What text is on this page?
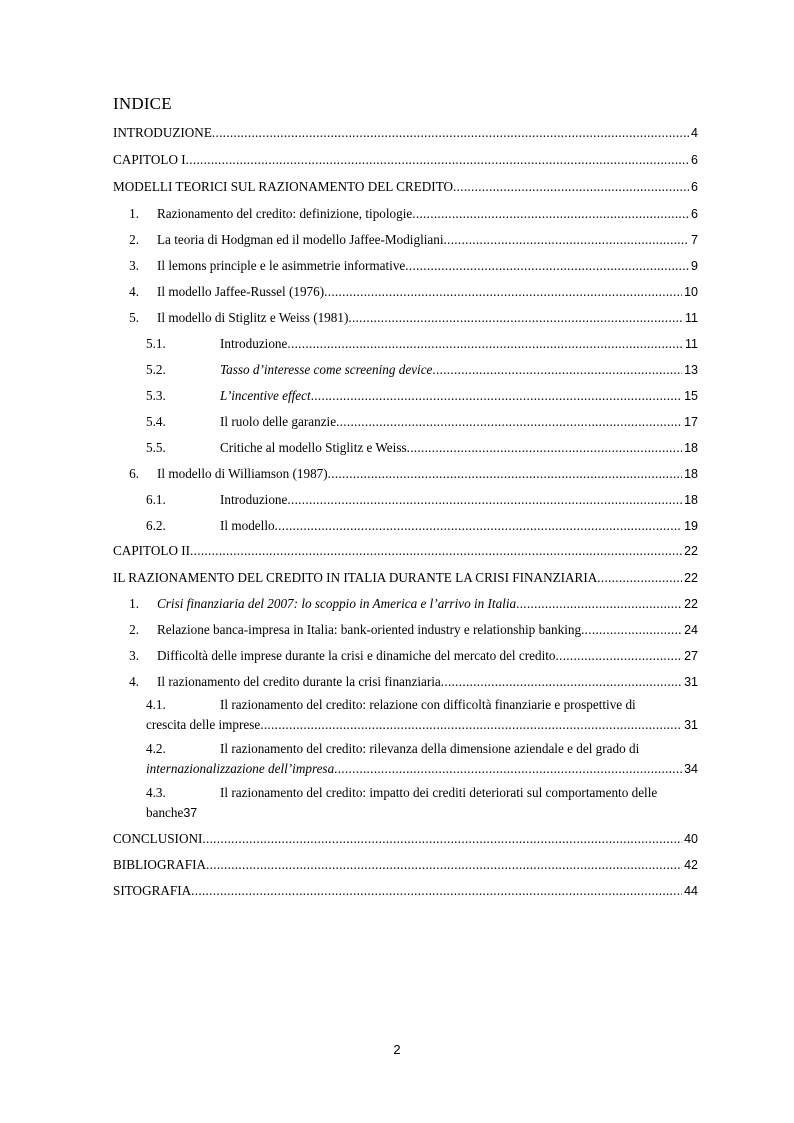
INDICE
INTRODUZIONE .....	4
CAPITOLO I .....	6
MODELLI TEORICI SUL RAZIONAMENTO DEL CREDITO .....	6
1. Razionamento del credito: definizione, tipologie .....	6
2. La teoria di Hodgman ed il modello Jaffee-Modigliani .....	7
3. Il lemons principle e le asimmetrie informative .....	9
4. Il modello Jaffee-Russel (1976) .....	10
5. Il modello di Stiglitz e Weiss (1981) .....	11
5.1.	Introduzione .....	11
5.2.	Tasso d’interesse come screening device .....	13
5.3.	L’incentive effect .....	15
5.4.	Il ruolo delle garanzie .....	17
5.5.	Critiche al modello Stiglitz e Weiss .....	18
6. Il modello di Williamson (1987) .....	18
6.1.	Introduzione .....	18
6.2.	Il modello .....	19
CAPITOLO II .....	22
IL RAZIONAMENTO DEL CREDITO IN ITALIA DURANTE LA CRISI FINANZIARIA .....	22
1. Crisi finanziaria del 2007: lo scoppio in America e l’arrivo in Italia .....	22
2. Relazione banca-impresa in Italia: bank-oriented industry e relationship banking .....	24
3. Difficoltà delle imprese durante la crisi e dinamiche del mercato del credito .....	27
4. Il razionamento del credito durante la crisi finanziaria .....	31
4.1.	Il razionamento del credito: relazione con difficoltà finanziarie e prospettive di
crescita delle imprese .....	31
4.2.	Il razionamento del credito: rilevanza della dimensione aziendale e del grado di
internazionalizzazione dell’impresa .....	34
4.3.	Il razionamento del credito: impatto dei crediti deteriorati sul comportamento delle
banche 37
CONCLUSIONI .....	40
BIBLIOGRAFIA .....	42
SITOGRAFIA .....	44
2
